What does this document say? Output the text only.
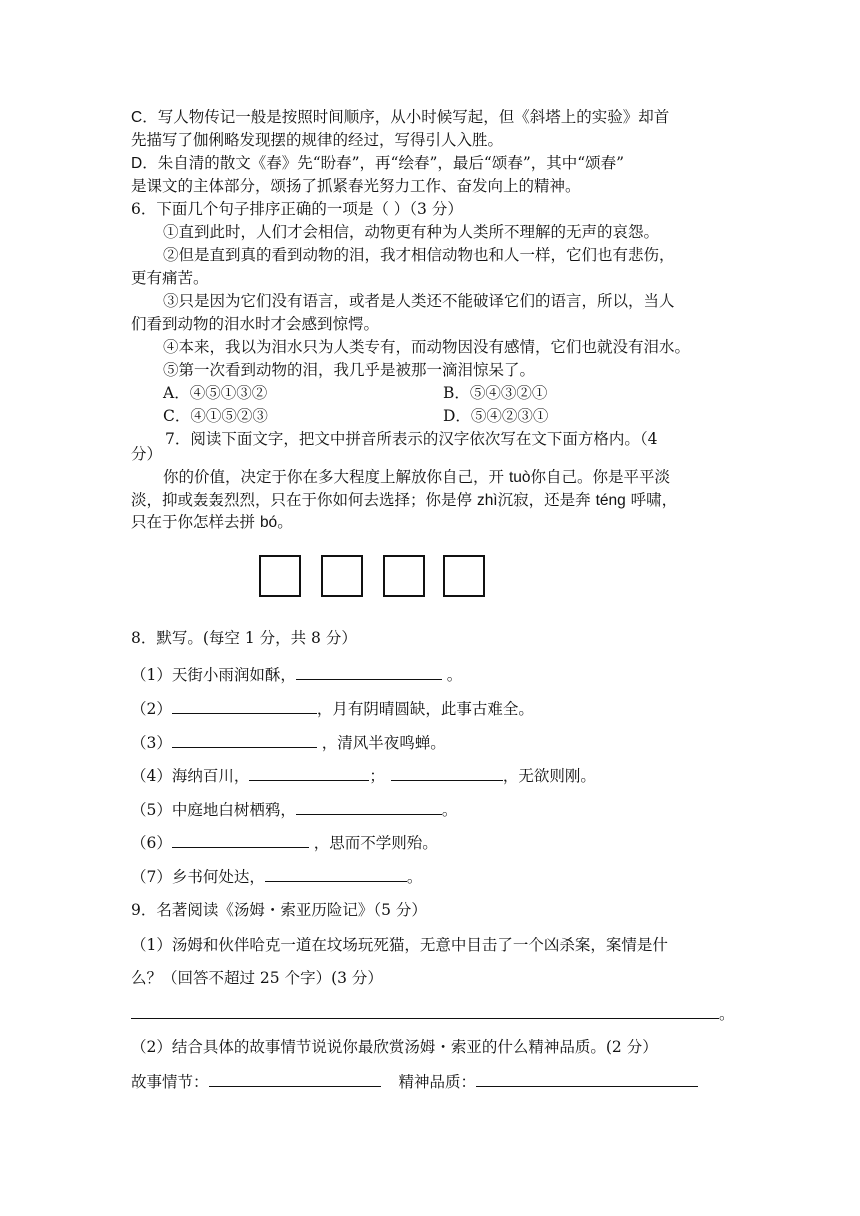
C．写人物传记一般是按照时间顺序，从小时候写起，但《斜塔上的实验》却首
先描写了伽俐略发现摆的规律的经过，写得引人入胜。
D．朱自清的散文《春》先“盼春”，再“绘春”，最后“颂春”，其中“颂春”
是课文的主体部分，颂扬了抓紧春光努力工作、奋发向上的精神。
6．下面几个句子排序正确的一项是（ ）（3 分）
①直到此时，人们才会相信，动物更有种为人类所不理解的无声的哀怨。
②但是直到真的看到动物的泪，我才相信动物也和人一样，它们也有悲伤，
更有痛苦。
③只是因为它们没有语言，或者是人类还不能破译它们的语言，所以，当人
们看到动物的泪水时才会感到惊愕。
④本来，我以为泪水只为人类专有，而动物因没有感情，它们也就没有泪水。
⑤第一次看到动物的泪，我几乎是被那一滴泪惊呆了。
A．④⑤①③②	B．⑤④③②①
C．④①⑤②③	D．⑤④②③①
7．阅读下面文字，把文中拼音所表示的汉字依次写在文下面方格内。（4
分）
你的价值，决定于你在多大程度上解放你自己，开 tuò你自己。你是平平淡
淡，抑或轰轰烈烈，只在于你如何去选择；你是停 zhì沉寂，还是奔 téng 呼啸，
只在于你怎样去拼 bó。
8．默写。(每空 1 分，共 8 分）
（1）天街小雨润如酥，	。
（2）	，月有阴晴圆缺，此事古难全。
（3）	，清风半夜鸣蝉。
（4）海纳百川，	；	，无欲则刚。
（5）中庭地白树栖鸦，	。
（6）	，思而不学则殆。
（7）乡书何处达，	。
9．名著阅读《汤姆・索亚历险记》（5 分）
（1）汤姆和伙伴哈克一道在坟场玩死猫，无意中目击了一个凶杀案，案情是什
么？（回答不超过 25 个字）(3 分）
。
（2）结合具体的故事情节说说你最欣赏汤姆・索亚的什么精神品质。(2 分）
故事情节：	精神品质：
